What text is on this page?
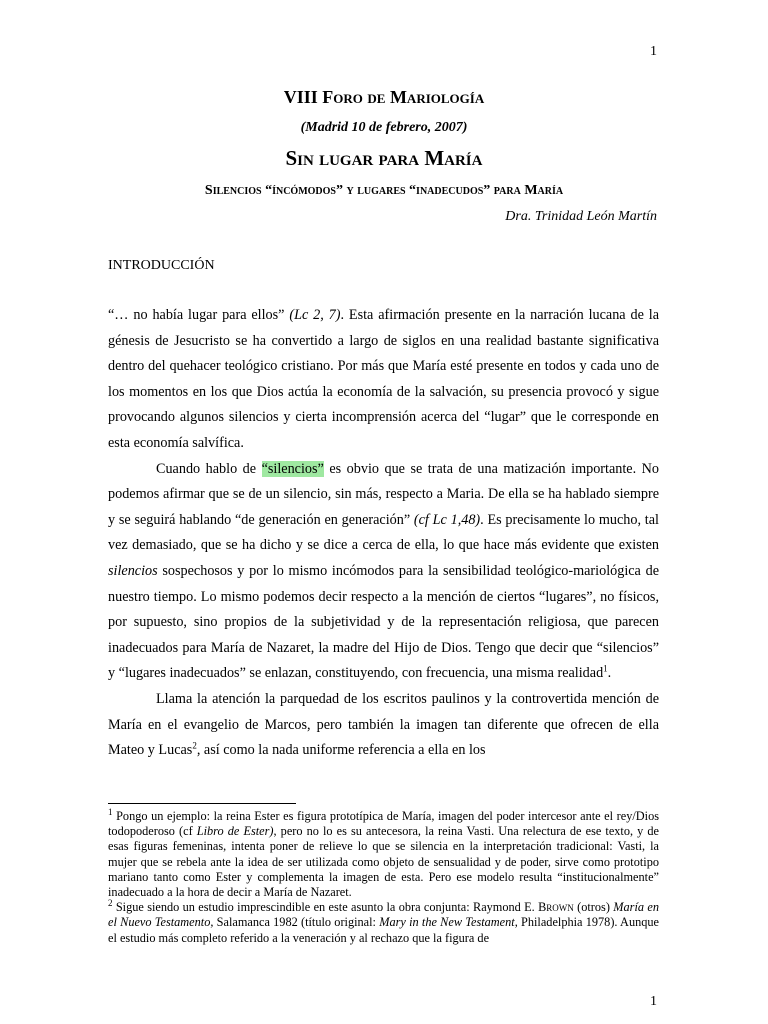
1
VIII Foro de Mariología
(Madrid 10 de febrero, 2007)
Sin lugar para María
Silencios “íncómodos” y lugares “inadecudos” para María
Dra. Trinidad León Martín
INTRODUCCIÓN

“… no había lugar para ellos” (Lc 2, 7). Esta afirmación presente en la narración lucana de la génesis de Jesucristo se ha convertido a largo de siglos en una realidad bastante significativa dentro del quehacer teológico cristiano. Por más que María esté presente en todos y cada uno de los momentos en los que Dios actúa la economía de la salvación, su presencia provocó y sigue provocando algunos silencios y cierta incomprensión acerca del “lugar” que le corresponde en esta economía salvífica.

Cuando hablo de “silencios” es obvio que se trata de una matización importante. No podemos afirmar que se de un silencio, sin más, respecto a Maria. De ella se ha hablado siempre y se seguirá hablando “de generación en generación” (cf Lc 1,48). Es precisamente lo mucho, tal vez demasiado, que se ha dicho y se dice a cerca de ella, lo que hace más evidente que existen silencios sospechosos y por lo mismo incómodos para la sensibilidad teológico-mariológica de nuestro tiempo. Lo mismo podemos decir respecto a la mención de ciertos “lugares”, no físicos, por supuesto, sino propios de la subjetividad y de la representación religiosa, que parecen inadecuados para María de Nazaret, la madre del Hijo de Dios. Tengo que decir que “silencios” y “lugares inadecuados” se enlazan, constituyendo, con frecuencia, una misma realidad$^1$.

Llama la atención la parquedad de los escritos paulinos y la controvertida mención de María en el evangelio de Marcos, pero también la imagen tan diferente que ofrecen de ella Mateo y Lucas$^2$, así como la nada uniforme referencia a ella en los

$^1$ Pongo un ejemplo: la reina Ester es figura prototípica de María, imagen del poder intercesor ante el rey/Dios todopoderoso (cf Libro de Ester), pero no lo es su antecesora, la reina Vasti. Una relectura de ese texto, y de esas figuras femeninas, intenta poner de relieve lo que se silencia en la interpretación tradicional: Vasti, la mujer que se rebela ante la idea de ser utilizada como objeto de sensualidad y de poder, sirve como prototipo mariano tanto como Ester y complementa la imagen de esta. Pero ese modelo resulta “institucionalmente” inadecuado a la hora de decir a María de Nazaret.

$^2$ Sigue siendo un estudio imprescindible en este asunto la obra conjunta: Raymond E. Brown (otros) María en el Nuevo Testamento, Salamanca 1982 (título original: Mary in the New Testament, Philadelphia 1978). Aunque el estudio más completo referido a la veneración y al rechazo que la figura de

1
